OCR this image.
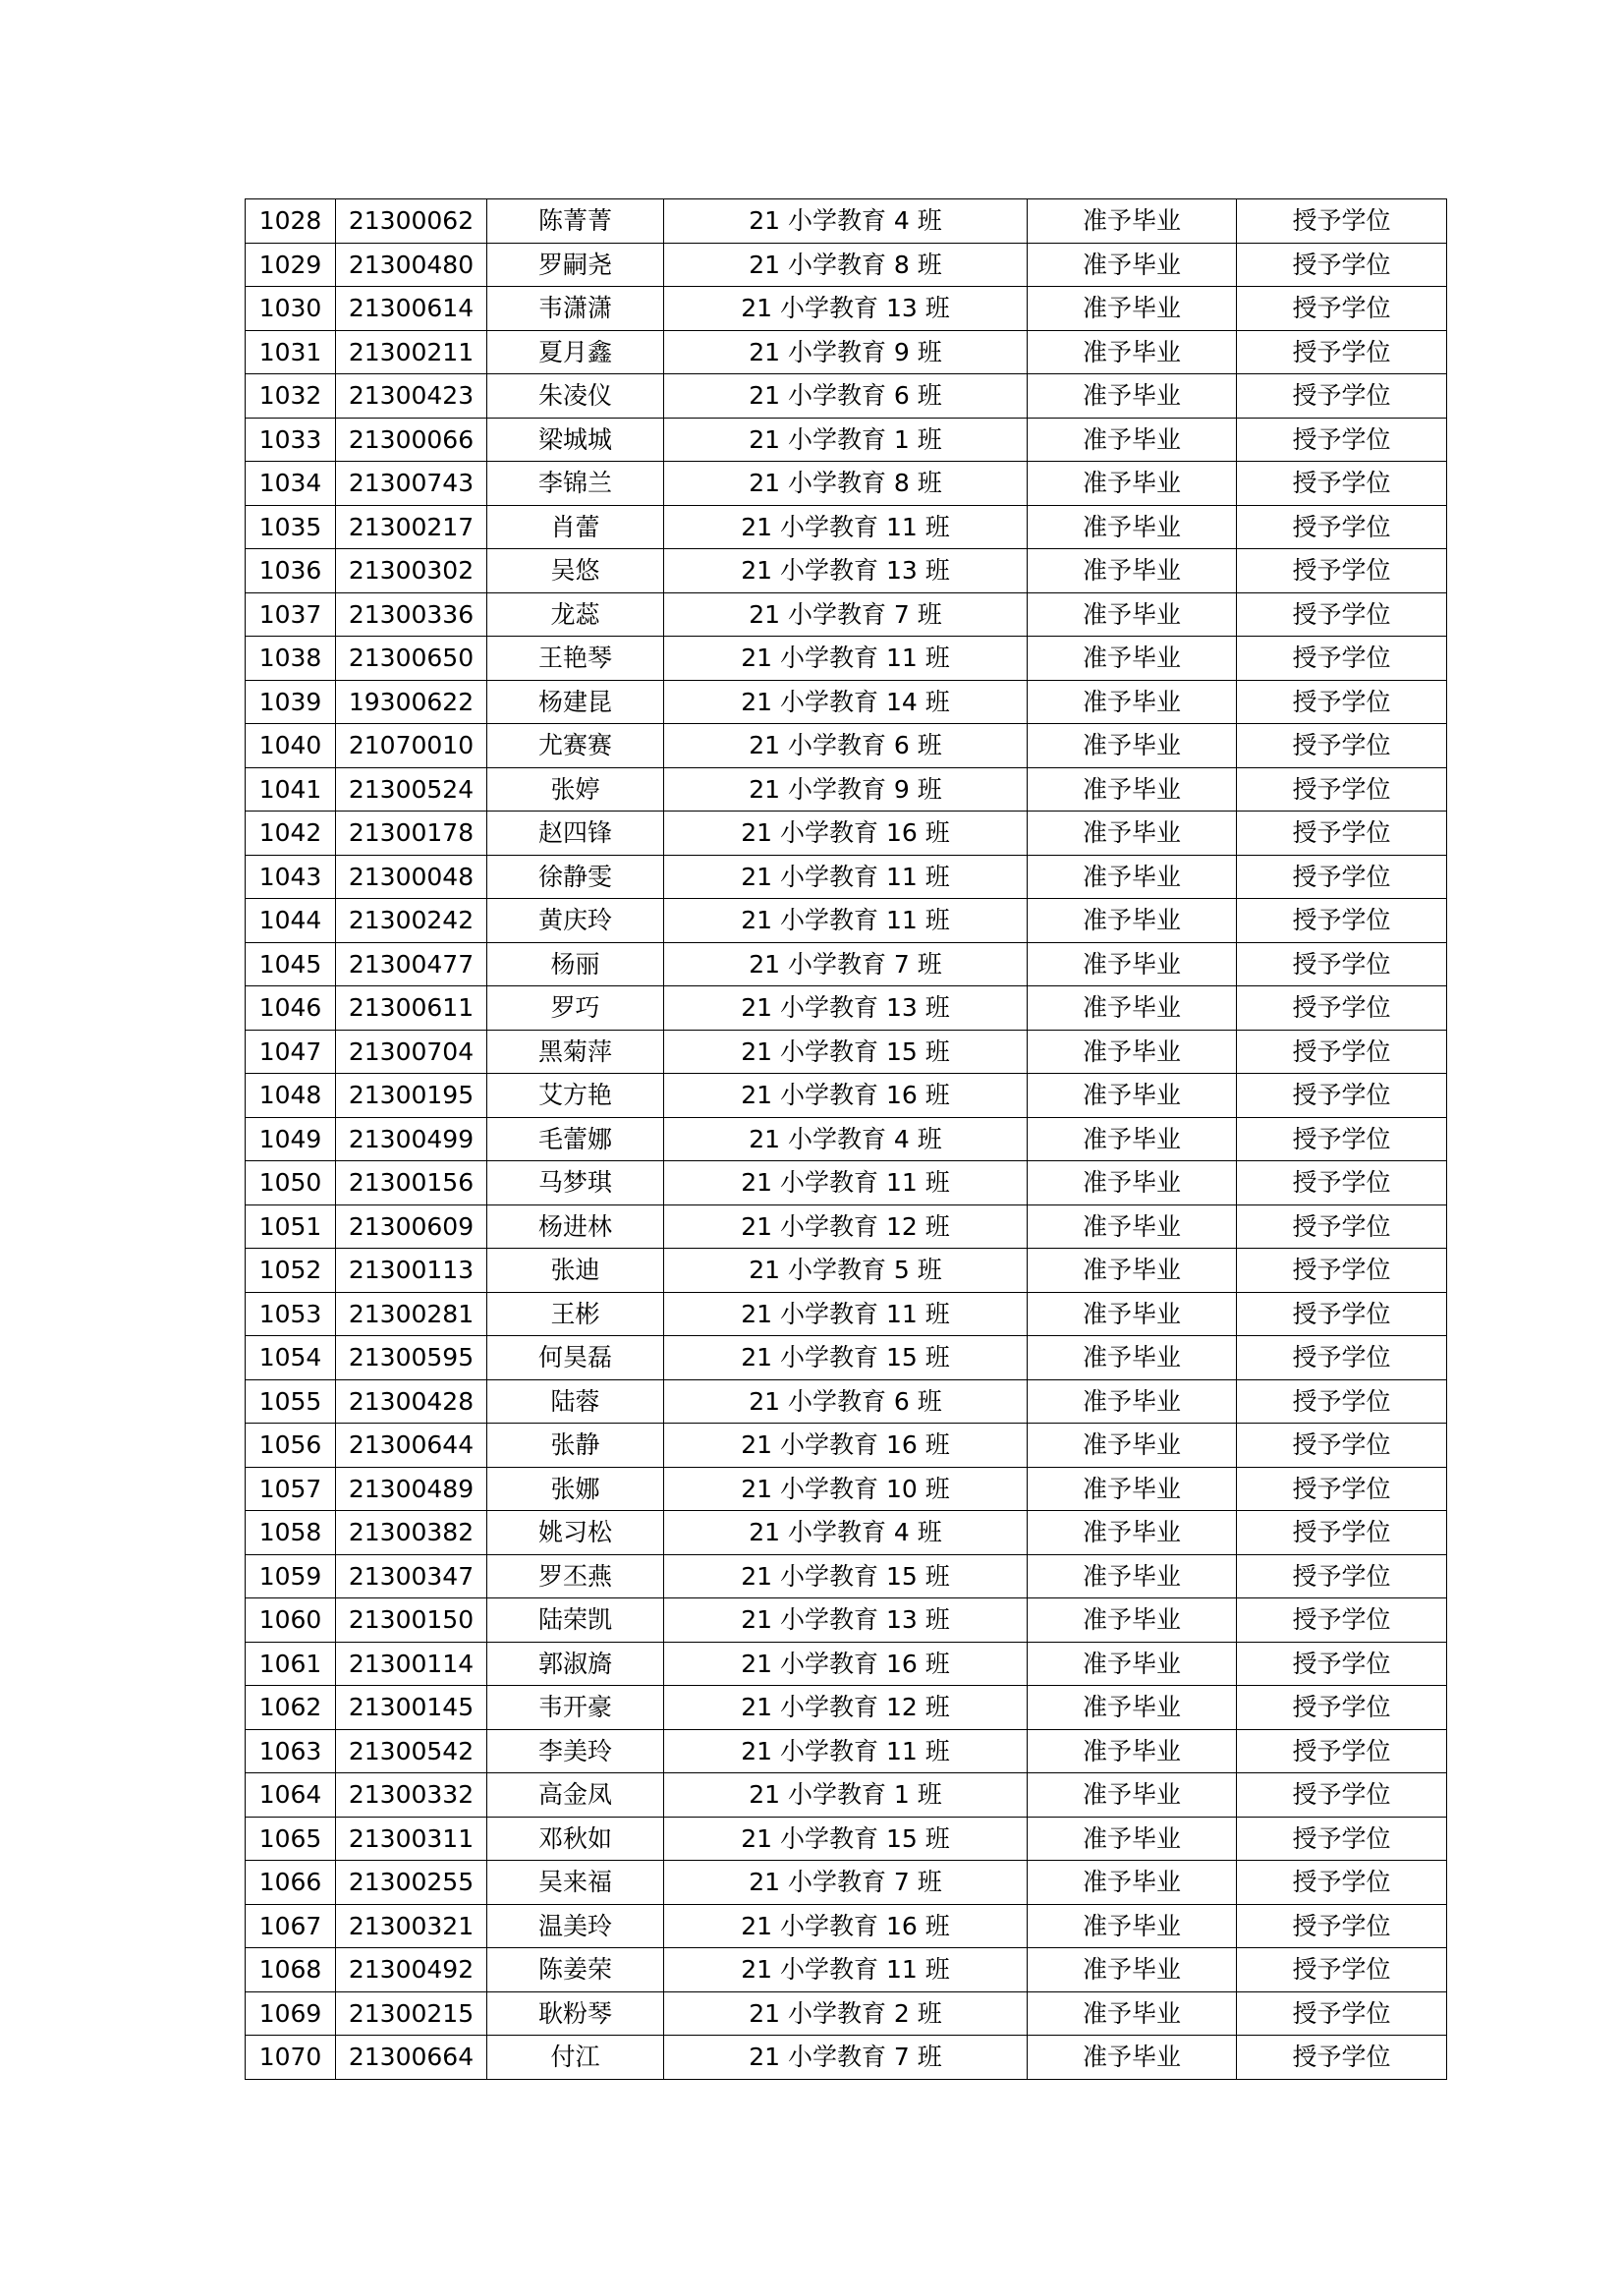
1028	21300062	陈菁菁	21 小学教育 4 班	准予毕业	授予学位
1029	21300480	罗嗣尧	21 小学教育 8 班	准予毕业	授予学位
1030	21300614	韦潇潇	21 小学教育 13 班	准予毕业	授予学位
1031	21300211	夏月鑫	21 小学教育 9 班	准予毕业	授予学位
1032	21300423	朱凌仪	21 小学教育 6 班	准予毕业	授予学位
1033	21300066	梁城城	21 小学教育 1 班	准予毕业	授予学位
1034	21300743	李锦兰	21 小学教育 8 班	准予毕业	授予学位
1035	21300217	肖蕾	21 小学教育 11 班	准予毕业	授予学位
1036	21300302	吴悠	21 小学教育 13 班	准予毕业	授予学位
1037	21300336	龙蕊	21 小学教育 7 班	准予毕业	授予学位
1038	21300650	王艳琴	21 小学教育 11 班	准予毕业	授予学位
1039	19300622	杨建昆	21 小学教育 14 班	准予毕业	授予学位
1040	21070010	尤赛赛	21 小学教育 6 班	准予毕业	授予学位
1041	21300524	张婷	21 小学教育 9 班	准予毕业	授予学位
1042	21300178	赵四锋	21 小学教育 16 班	准予毕业	授予学位
1043	21300048	徐静雯	21 小学教育 11 班	准予毕业	授予学位
1044	21300242	黄庆玲	21 小学教育 11 班	准予毕业	授予学位
1045	21300477	杨丽	21 小学教育 7 班	准予毕业	授予学位
1046	21300611	罗巧	21 小学教育 13 班	准予毕业	授予学位
1047	21300704	黑菊萍	21 小学教育 15 班	准予毕业	授予学位
1048	21300195	艾方艳	21 小学教育 16 班	准予毕业	授予学位
1049	21300499	毛蕾娜	21 小学教育 4 班	准予毕业	授予学位
1050	21300156	马梦琪	21 小学教育 11 班	准予毕业	授予学位
1051	21300609	杨进林	21 小学教育 12 班	准予毕业	授予学位
1052	21300113	张迪	21 小学教育 5 班	准予毕业	授予学位
1053	21300281	王彬	21 小学教育 11 班	准予毕业	授予学位
1054	21300595	何昊磊	21 小学教育 15 班	准予毕业	授予学位
1055	21300428	陆蓉	21 小学教育 6 班	准予毕业	授予学位
1056	21300644	张静	21 小学教育 16 班	准予毕业	授予学位
1057	21300489	张娜	21 小学教育 10 班	准予毕业	授予学位
1058	21300382	姚习松	21 小学教育 4 班	准予毕业	授予学位
1059	21300347	罗丕燕	21 小学教育 15 班	准予毕业	授予学位
1060	21300150	陆荣凯	21 小学教育 13 班	准予毕业	授予学位
1061	21300114	郭淑旖	21 小学教育 16 班	准予毕业	授予学位
1062	21300145	韦开豪	21 小学教育 12 班	准予毕业	授予学位
1063	21300542	李美玲	21 小学教育 11 班	准予毕业	授予学位
1064	21300332	高金凤	21 小学教育 1 班	准予毕业	授予学位
1065	21300311	邓秋如	21 小学教育 15 班	准予毕业	授予学位
1066	21300255	吴来福	21 小学教育 7 班	准予毕业	授予学位
1067	21300321	温美玲	21 小学教育 16 班	准予毕业	授予学位
1068	21300492	陈姜荣	21 小学教育 11 班	准予毕业	授予学位
1069	21300215	耿粉琴	21 小学教育 2 班	准予毕业	授予学位
1070	21300664	付江	21 小学教育 7 班	准予毕业	授予学位
